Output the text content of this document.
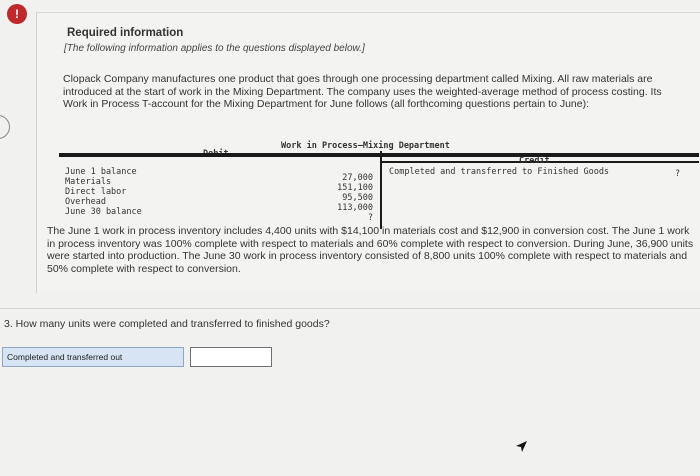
!
Required information
[The following information applies to the questions displayed below.]
Clopack Company manufactures one product that goes through one processing department called Mixing. All raw materials are introduced at the start of work in the Mixing Department. The company uses the weighted-average method of process costing. Its Work in Process T-account for the Mixing Department for June follows (all forthcoming questions pertain to June):
Work in Process—Mixing Department
Credit
June 1 balance
Materials
Direct labor
Overhead
June 30 balance

27,000
151,100
95,500
113,000
?
Completed and transferred to Finished Goods	?
The June 1 work in process inventory includes 4,400 units with $14,100 in materials cost and $12,900 in conversion cost. The June 1 work in process inventory was 100% complete with respect to materials and 60% complete with respect to conversion. During June, 36,900 units were started into production. The June 30 work in process inventory consisted of 8,800 units 100% complete with respect to materials and 50% complete with respect to conversion.
3. How many units were completed and transferred to finished goods?
Completed and transferred out
